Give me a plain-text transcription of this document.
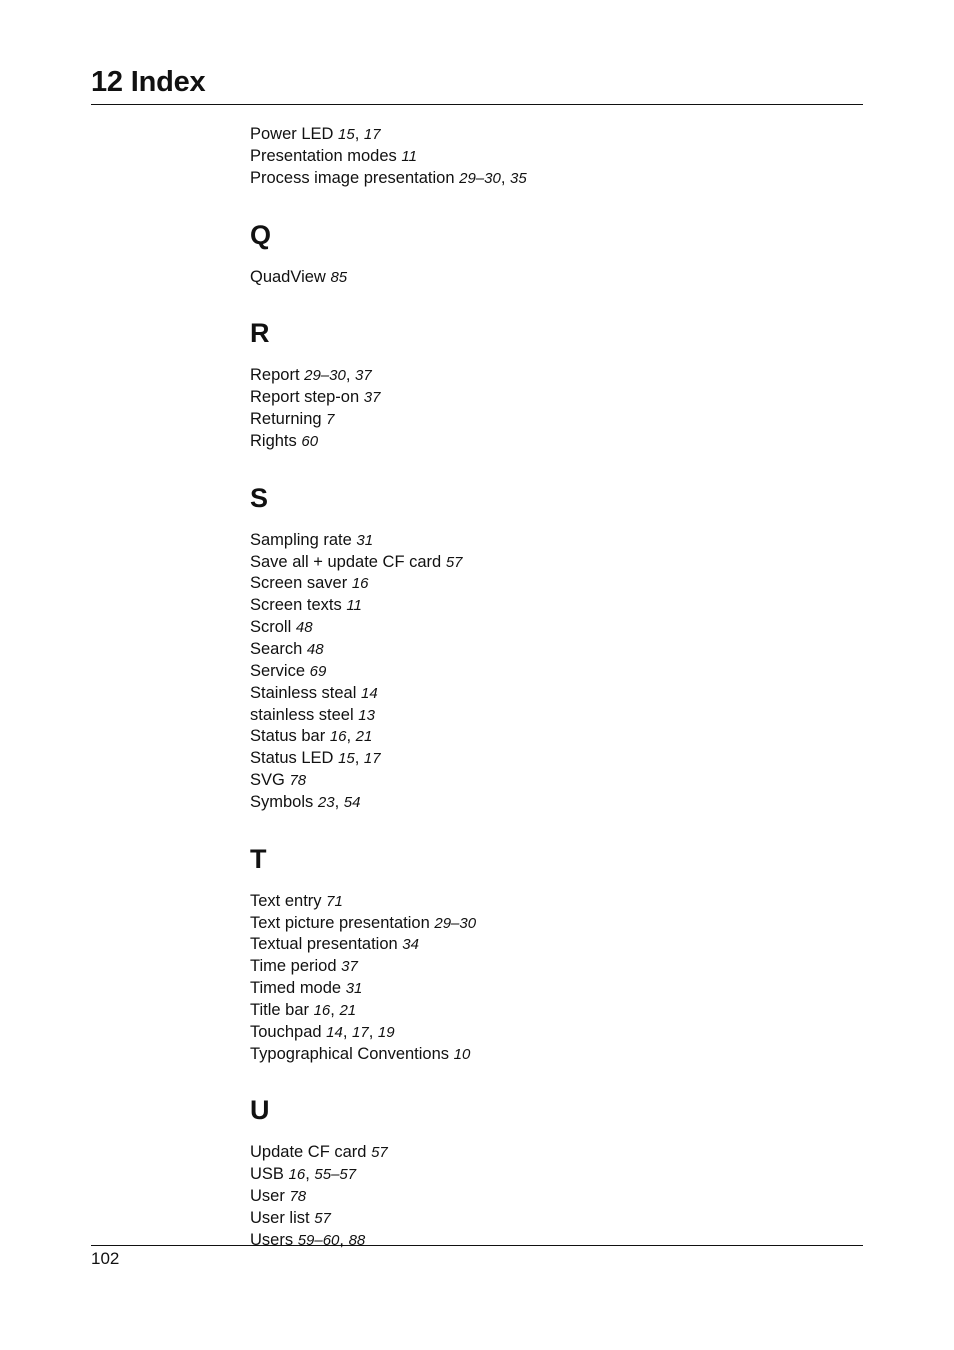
12 Index
Power LED 15, 17
Presentation modes 11
Process image presentation 29–30, 35
Q
QuadView 85
R
Report 29–30, 37
Report step-on 37
Returning 7
Rights 60
S
Sampling rate 31
Save all + update CF card 57
Screen saver 16
Screen texts 11
Scroll 48
Search 48
Service 69
Stainless steal 14
stainless steel 13
Status bar 16, 21
Status LED 15, 17
SVG 78
Symbols 23, 54
T
Text entry 71
Text picture presentation 29–30
Textual presentation 34
Time period 37
Timed mode 31
Title bar 16, 21
Touchpad 14, 17, 19
Typographical Conventions 10
U
Update CF card 57
USB 16, 55–57
User 78
User list 57
Users 59–60, 88
102
